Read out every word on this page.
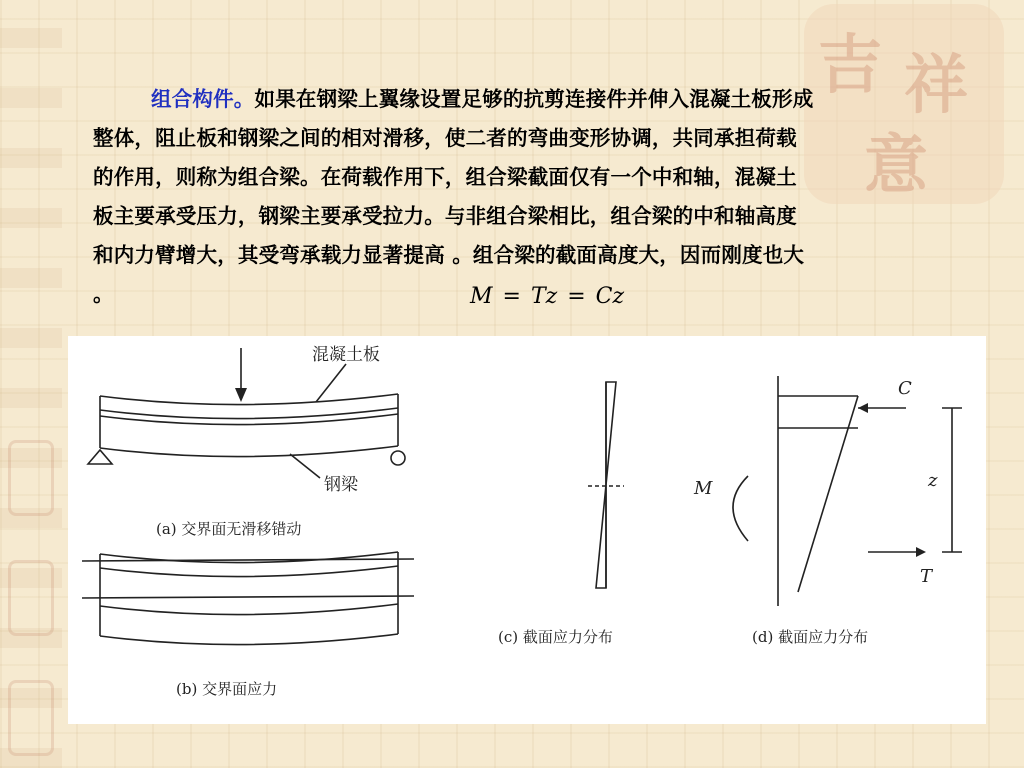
吉 祥
意
组合构件。如果在钢梁上翼缘设置足够的抗剪连接件并伸入混凝土板形成
整体，阻止板和钢梁之间的相对滑移，使二者的弯曲变形协调，共同承担荷载
的作用，则称为组合梁。在荷载作用下，组合梁截面仅有一个中和轴，混凝土
板主要承受压力，钢梁主要承受拉力。与非组合梁相比，组合梁的中和轴高度
和内力臂增大，其受弯承载力显著提高 。组合梁的截面高度大，因而刚度也大
。	M = Tz = Cz
混凝土板
钢梁
(a) 交界面无滑移错动
(b) 交界面应力
(c) 截面应力分布	(d) 截面应力分布
C
T
M	z
